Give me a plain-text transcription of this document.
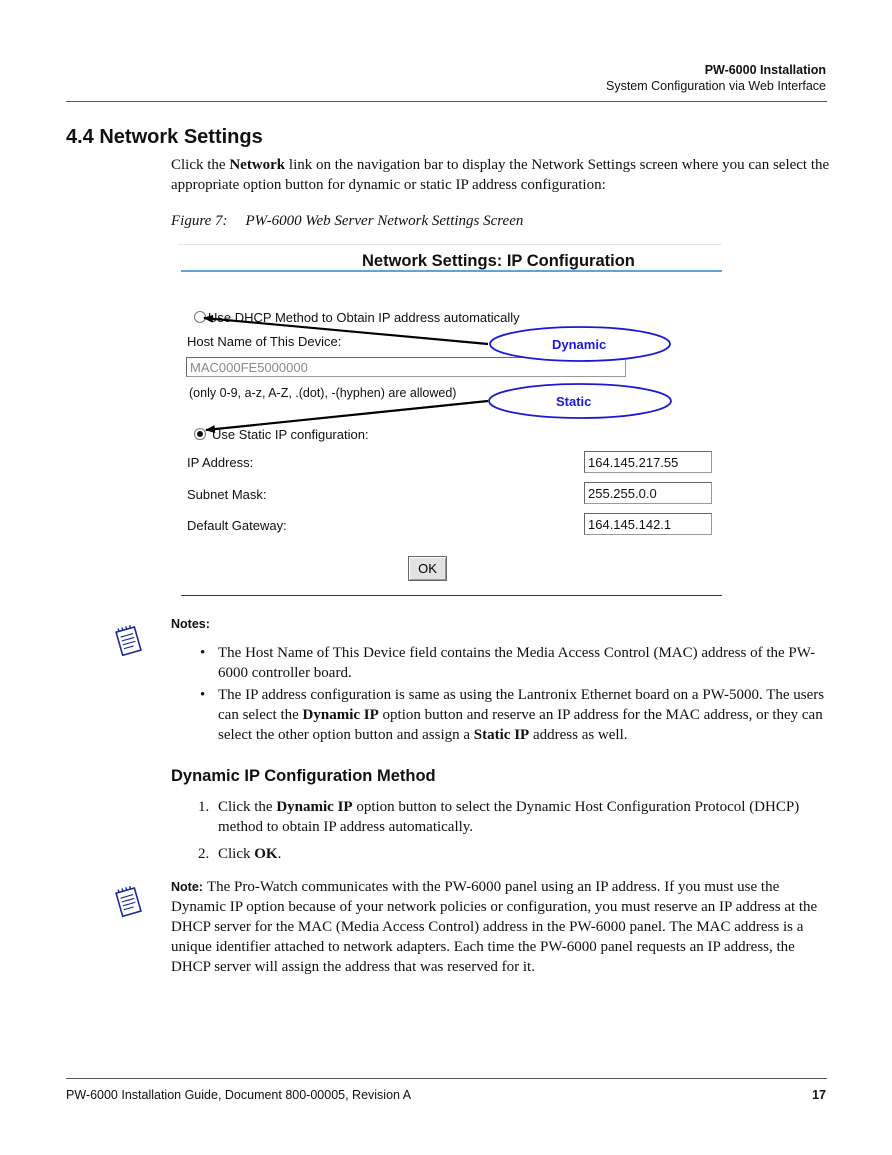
PW-6000 Installation
System Configuration via Web Interface
4.4 Network Settings
Click the Network link on the navigation bar to display the Network Settings screen where you can select the appropriate option button for dynamic or static IP address configuration:
Figure 7: PW-6000 Web Server Network Settings Screen
Network Settings: IP Configuration
Use DHCP Method to Obtain IP address automatically
Host Name of This Device:
MAC000FE5000000
(only 0-9, a-z, A-Z, .(dot), -(hyphen) are allowed)
Use Static IP configuration:
IP Address:
164.145.217.55
Subnet Mask:
255.255.0.0
Default Gateway:
164.145.142.1
OK
Dynamic
Static
Notes:
• The Host Name of This Device field contains the Media Access Control (MAC) address of the PW-6000 controller board.
• The IP address configuration is same as using the Lantronix Ethernet board on a PW-5000. The users can select the Dynamic IP option button and reserve an IP address for the MAC address, or they can select the other option button and assign a Static IP address as well.
Dynamic IP Configuration Method
1. Click the Dynamic IP option button to select the Dynamic Host Configuration Protocol (DHCP) method to obtain IP address automatically.
2. Click OK.
Note: The Pro-Watch communicates with the PW-6000 panel using an IP address. If you must use the Dynamic IP option because of your network policies or configuration, you must reserve an IP address at the DHCP server for the MAC (Media Access Control) address in the PW-6000 panel. The MAC address is a unique identifier attached to network adapters. Each time the PW-6000 panel requests an IP address, the DHCP server will assign the address that was reserved for it.
PW-6000 Installation Guide, Document 800-00005, Revision A	17
